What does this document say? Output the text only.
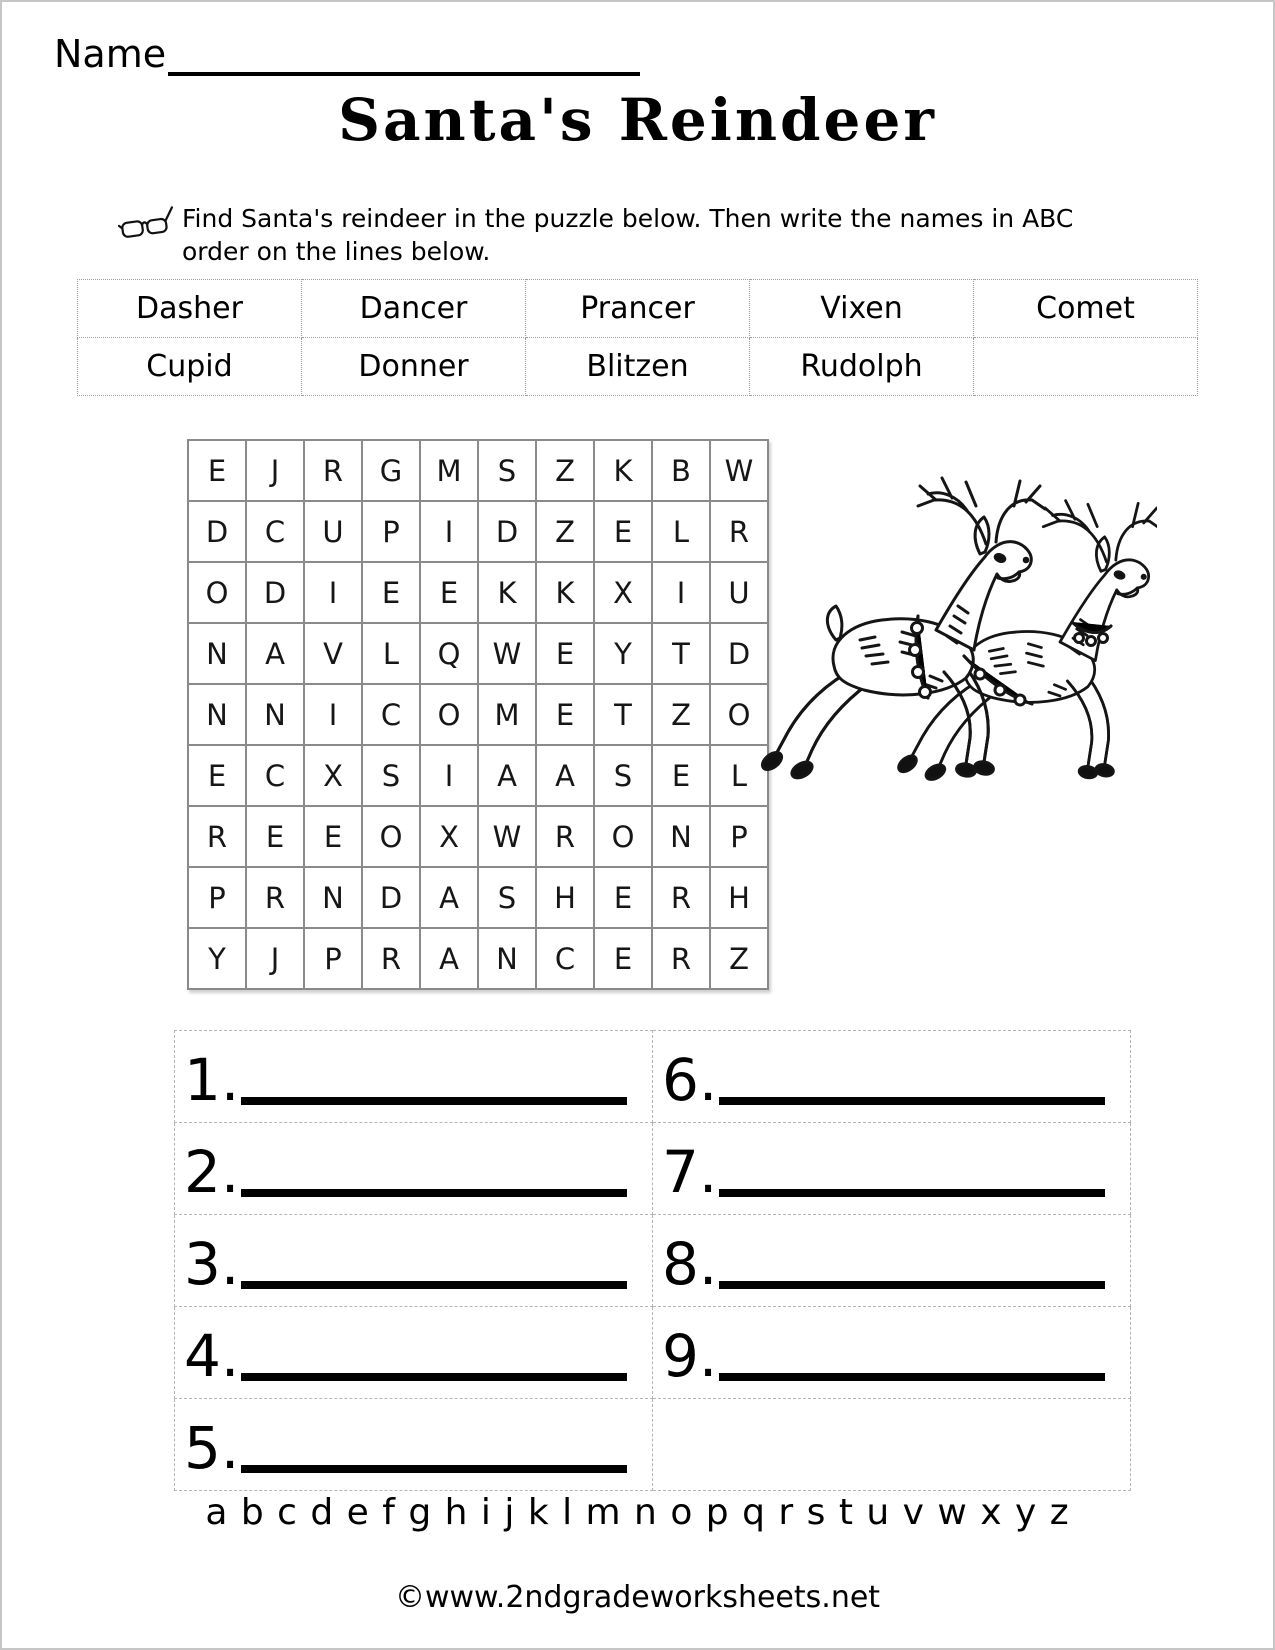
Name
Santa's Reindeer
Find Santa's reindeer in the puzzle below. Then write the names in ABC order on the lines below.
Dasher	Dancer	Prancer	Vixen	Comet
Cupid	Donner	Blitzen	Rudolph	
E	J	R	G	M	S	Z	K	B	W
D	C	U	P	I	D	Z	E	L	R
O	D	I	E	E	K	K	X	I	U
N	A	V	L	Q	W	E	Y	T	D
N	N	I	C	O	M	E	T	Z	O
E	C	X	S	I	A	A	S	E	L
R	E	E	O	X	W	R	O	N	P
P	R	N	D	A	S	H	E	R	H
Y	J	P	R	A	N	C	E	R	Z
1.	6.

2.	7.

3.	8.

4.	9.

5.	

a b c d e f g h i j k l m n o p q r s t u v w x y z
©www.2ndgradeworksheets.net
